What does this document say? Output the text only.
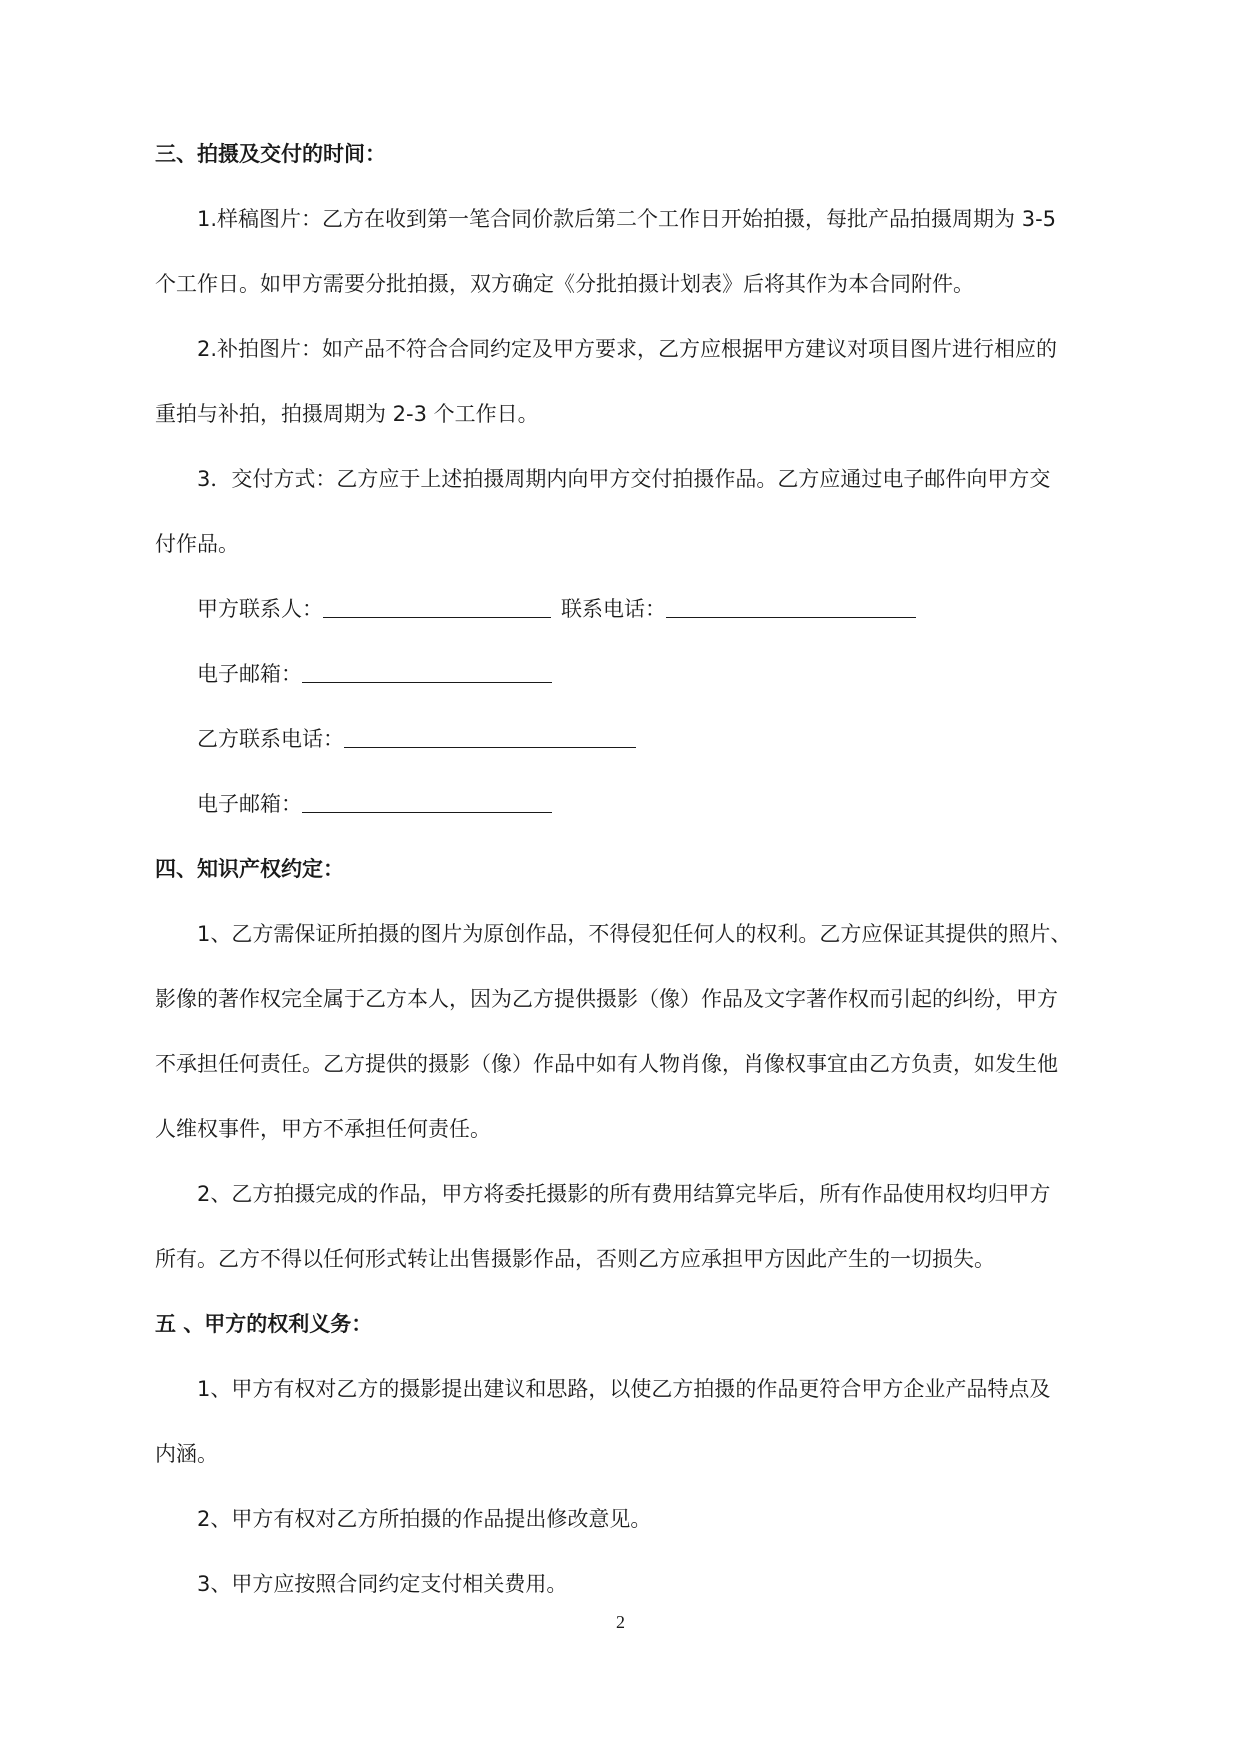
三、拍摄及交付的时间：

1.样稿图片：乙方在收到第一笔合同价款后第二个工作日开始拍摄，每批产品拍摄周期为 3-5

个工作日。如甲方需要分批拍摄，双方确定《分批拍摄计划表》后将其作为本合同附件。

2.补拍图片：如产品不符合合同约定及甲方要求，乙方应根据甲方建议对项目图片进行相应的

重拍与补拍，拍摄周期为 2-3 个工作日。

3．交付方式：乙方应于上述拍摄周期内向甲方交付拍摄作品。乙方应通过电子邮件向甲方交

付作品。

甲方联系人：	联系电话：

电子邮箱：

乙方联系电话：

电子邮箱：

四、知识产权约定：

1、乙方需保证所拍摄的图片为原创作品，不得侵犯任何人的权利。乙方应保证其提供的照片、

影像的著作权完全属于乙方本人，因为乙方提供摄影（像）作品及文字著作权而引起的纠纷，甲方

不承担任何责任。乙方提供的摄影（像）作品中如有人物肖像，肖像权事宜由乙方负责，如发生他

人维权事件，甲方不承担任何责任。

2、乙方拍摄完成的作品，甲方将委托摄影的所有费用结算完毕后，所有作品使用权均归甲方

所有。乙方不得以任何形式转让出售摄影作品，否则乙方应承担甲方因此产生的一切损失。

五 、甲方的权利义务：

1、甲方有权对乙方的摄影提出建议和思路，以使乙方拍摄的作品更符合甲方企业产品特点及

内涵。

2、甲方有权对乙方所拍摄的作品提出修改意见。

3、甲方应按照合同约定支付相关费用。

2
